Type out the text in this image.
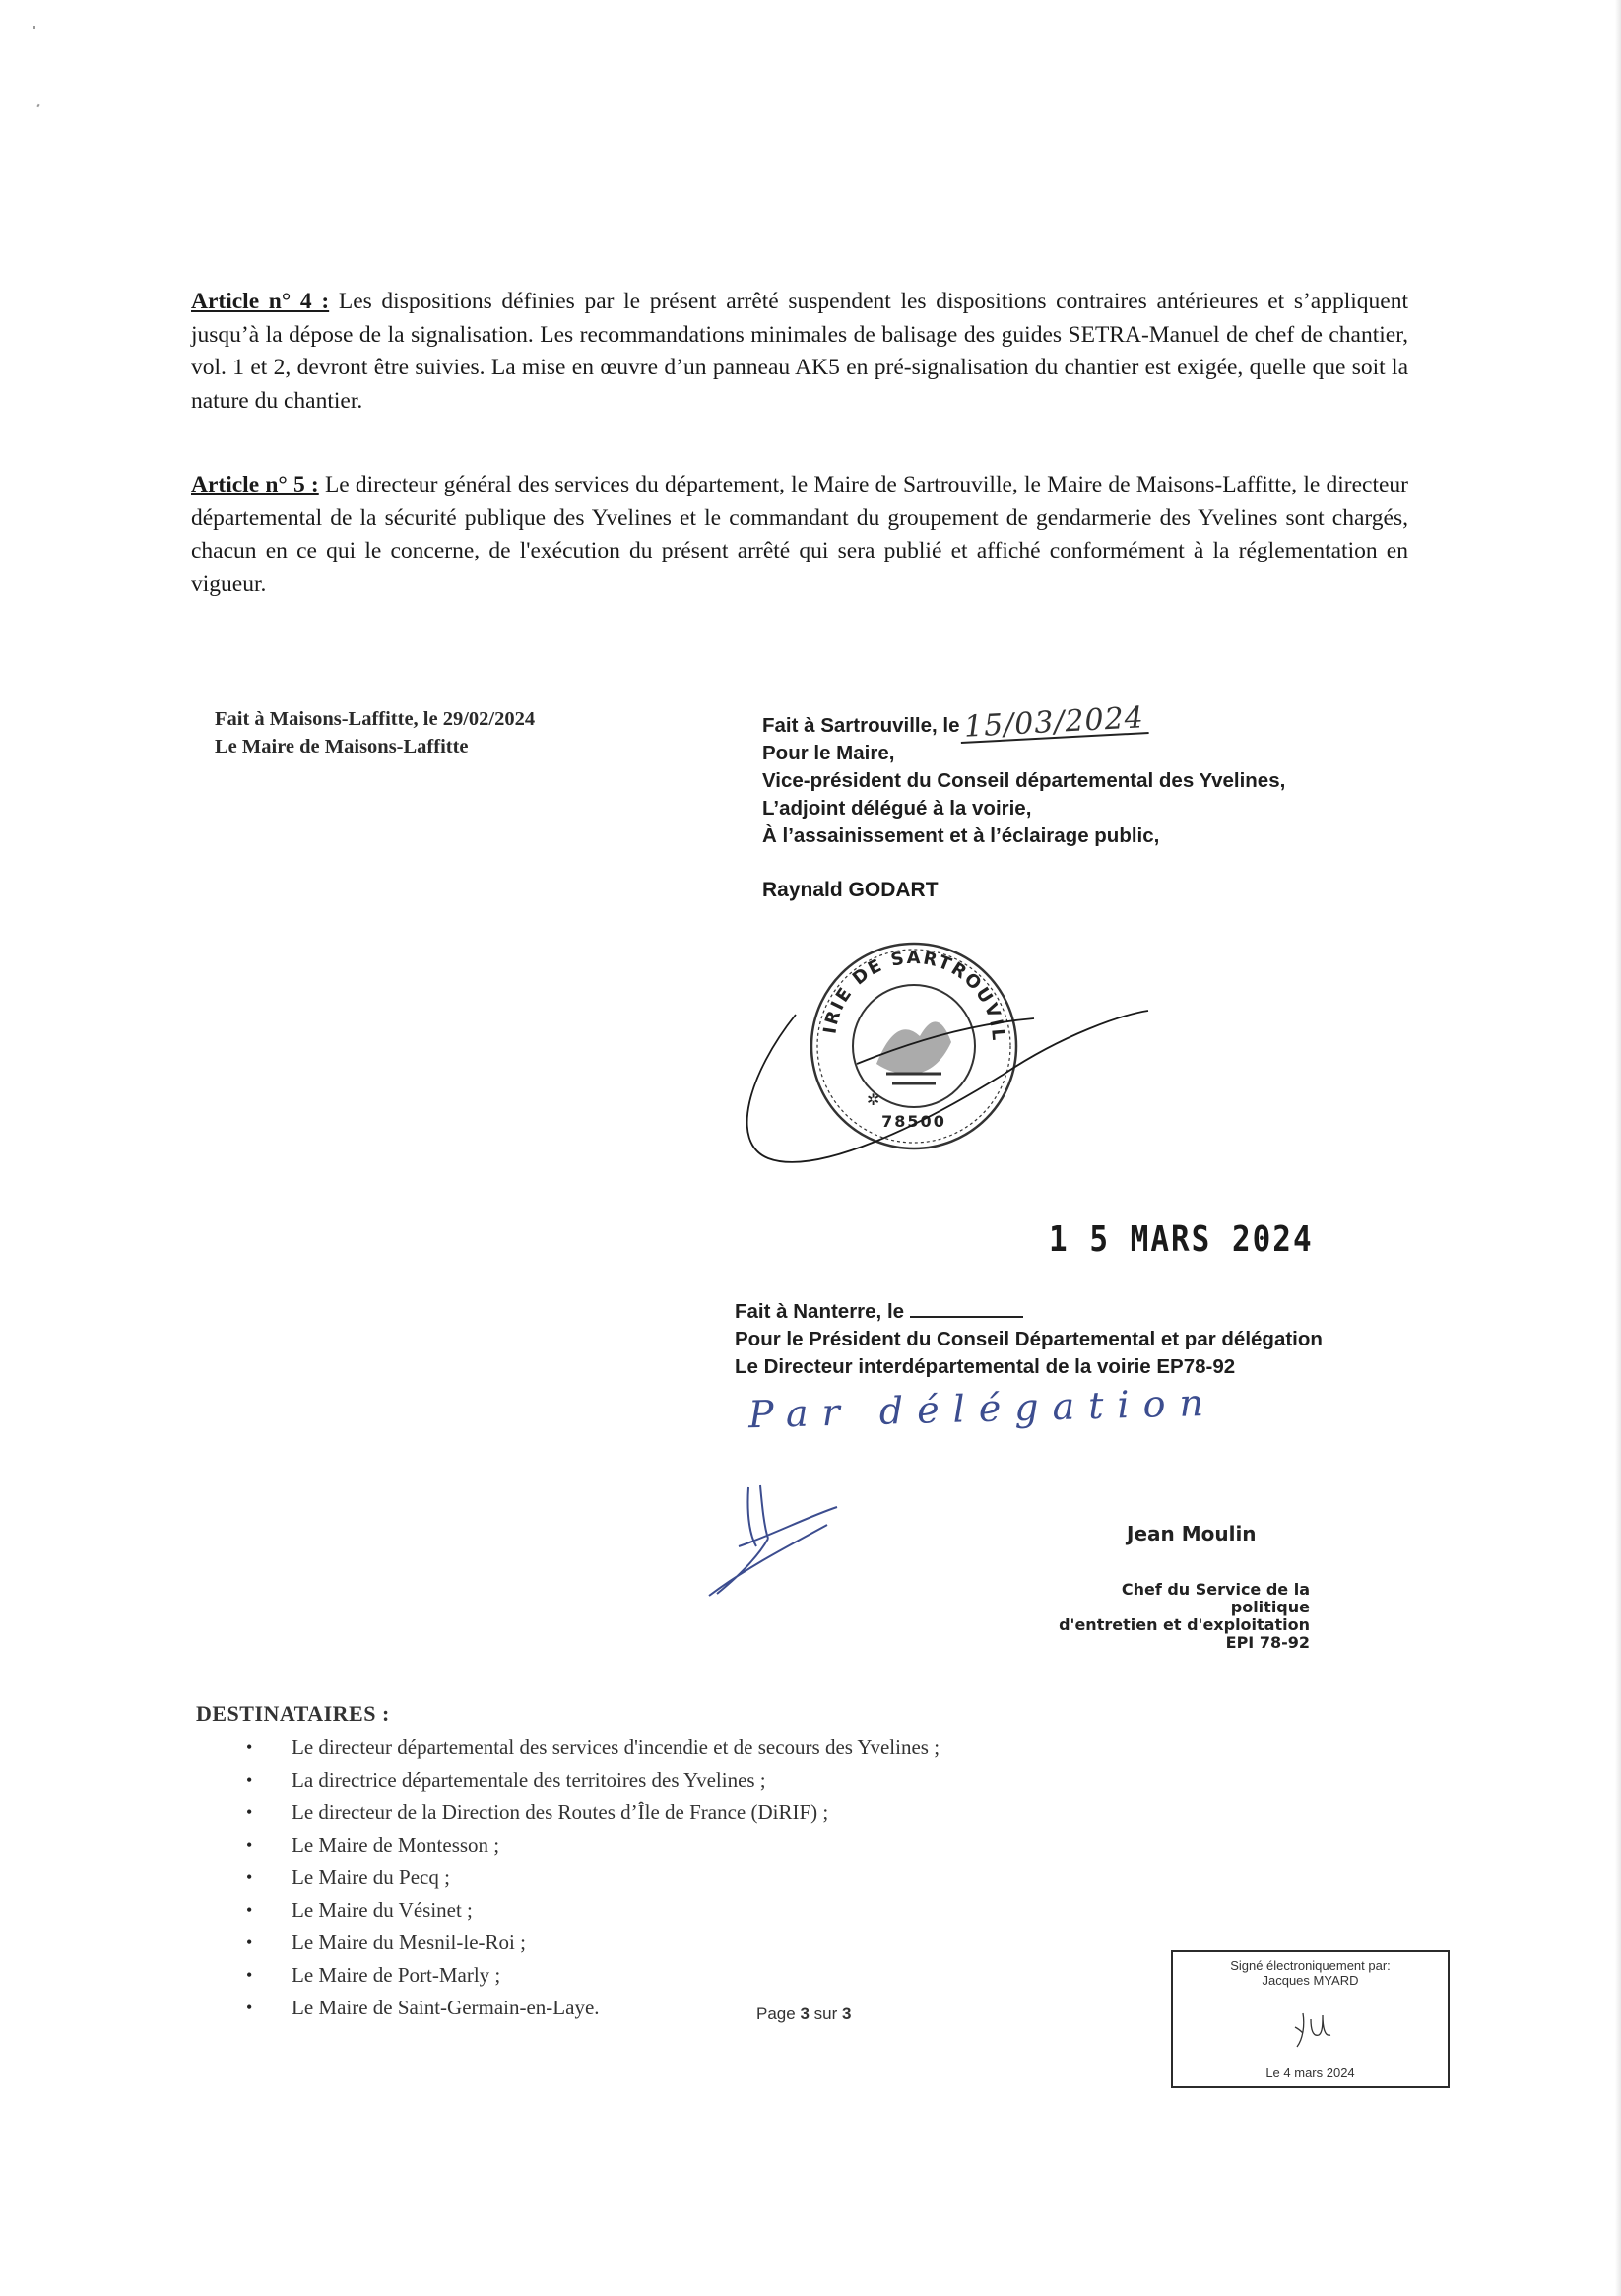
Article n° 4 : Les dispositions définies par le présent arrêté suspendent les dispositions contraires antérieures et s’appliquent jusqu’à la dépose de la signalisation. Les recommandations minimales de balisage des guides SETRA-Manuel de chef de chantier, vol. 1 et 2, devront être suivies. La mise en œuvre d’un panneau AK5 en pré-signalisation du chantier est exigée, quelle que soit la nature du chantier.

Article n° 5 : Le directeur général des services du département, le Maire de Sartrouville, le Maire de Maisons-Laffitte, le directeur départemental de la sécurité publique des Yvelines et le commandant du groupement de gendarmerie des Yvelines sont chargés, chacun en ce qui le concerne, de l'exécution du présent arrêté qui sera publié et affiché conformément à la réglementation en vigueur.

Fait à Maisons-Laffitte, le 29/02/2024
Le Maire de Maisons-Laffitte
Fait à Sartrouville, le 15/03/2024
Pour le Maire,
Vice-président du Conseil départemental des Yvelines,
L’adjoint délégué à la voirie,
À l’assainissement et à l’éclairage public,
Raynald GODART
MAIRIE DE SARTROUVILLE
78500
✲
1 5 MARS 2024
Fait à Nanterre, le
Pour le Président du Conseil Départemental et par délégation
Le Directeur interdépartemental de la voirie EP78-92
Par délégation
Jean Moulin
Chef du Service de la politique
d'entretien et d'exploitation
EPI 78-92
DESTINATAIRES :
• Le directeur départemental des services d'incendie et de secours des Yvelines ;
• La directrice départementale des territoires des Yvelines ;
• Le directeur de la Direction des Routes d’Île de France (DiRIF) ;
• Le Maire de Montesson ;
• Le Maire du Pecq ;
• Le Maire du Vésinet ;
• Le Maire du Mesnil-le-Roi ;
• Le Maire de Port-Marly ;
• Le Maire de Saint-Germain-en-Laye.	Page 3 sur 3
Signé électroniquement par:
Jacques MYARD
Le 4 mars 2024
